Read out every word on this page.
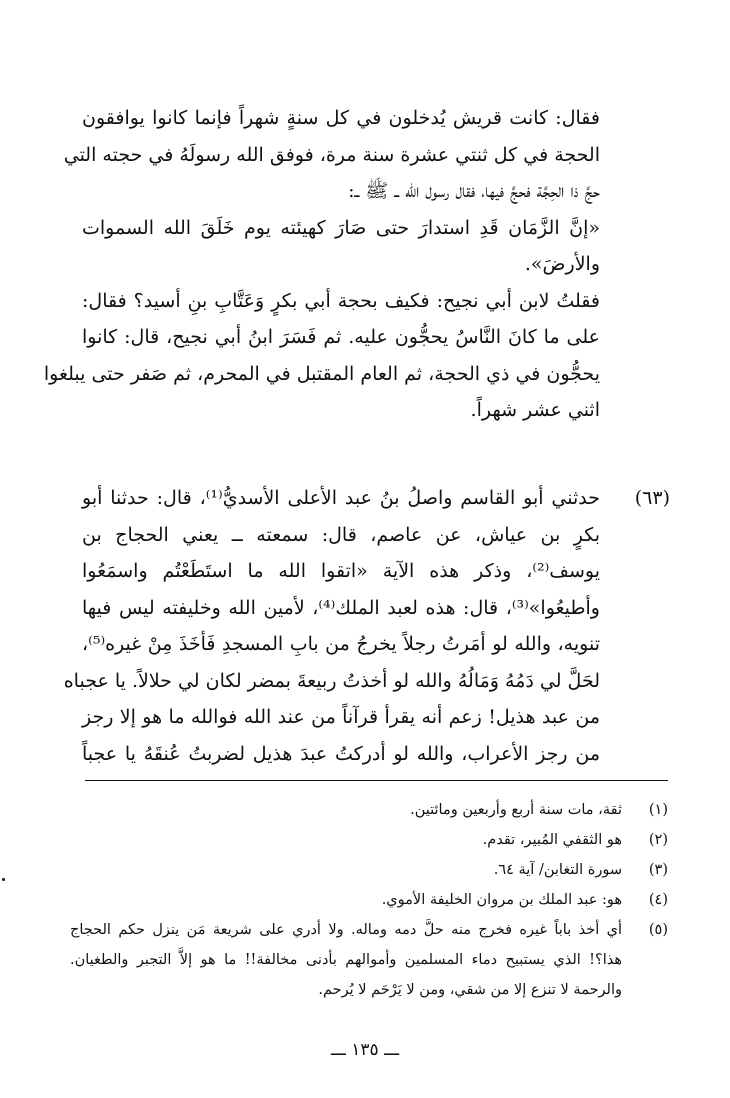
فقال: كانت قريش يُدخلون في كل سنةٍ شهراً فإنما كانوا يوافقون
الحجة في كل ثنتي عشرة سنة مرة، فوفق الله رسولَهُ في حجته التي
حجَّ ذا الحِجَّة فحجَّ فيها، فقال رسول الله ــ ﷺ ــ:
«إنَّ الزَّمَان قَدِ استدارَ حتى صَارَ كهيئته يوم خَلَقَ الله السموات
والأرضَ».
فقلتُ لابن أبي نجيح: فكيف بحجة أبي بكرٍ وَعَتَّابِ بنِ أسيد؟ فقال:
على ما كانَ النَّاسُ يحجُّون عليه. ثم فَسَرَ ابنُ أبي نجيح، قال: كانوا
يحجُّون في ذي الحجة، ثم العام المقتبل في المحرم، ثم صَفر حتى يبلغوا
اثني عشر شهراً.
(٦٣)
حدثني أبو القاسم واصلُ بنُ عبد الأعلى الأسديُّ⁽¹⁾، قال: حدثنا أبو
بكرٍ بن عياش، عن عاصم، قال: سمعته ــ يعني الحجاج بن
يوسف⁽²⁾، وذكر هذه الآية «اتقوا الله ما استَطَعْتُم واسمَعُوا
وأطيعُوا»⁽³⁾، قال: هذه لعبد الملك⁽⁴⁾، لأمين الله وخليفته ليس فيها
تنويه، والله لو أمَرتُ رجلاً يخرجُ من بابِ المسجدِ فَأخَذَ مِنْ غيره⁽⁵⁾،
لحَلَّ لي دَمُهُ وَمَالُهُ والله لو أخذتُ ربيعةَ بمضر لكان لي حلالاً. يا عجباه
من عبد هذيل! زعم أنه يقرأ قرآناً من عند الله فوالله ما هو إلا رجز
من رجز الأعراب، والله لو أدركتُ عبدَ هذيل لضربتُ عُنقَهُ يا عجباً
(١)
ثقة، مات سنة أربع وأربعين ومائتين.
(٢)
هو الثقفي المُبير، تقدم.
(٣)
سورة التغابن/ آية ٦٤.
(٤)
هو: عبد الملك بن مروان الخليفة الأموي.
(٥)
أي أخذ باباً غيره فخرج منه حلَّ دمه وماله. ولا أدري على شريعة مَن ينزل حكم الحجاج
هذا؟! الذي يستبيح دماء المسلمين وأموالهم بأدنى مخالفة!! ما هو إلاَّ التجبر والطغيان.
والرحمة لا تنزع إلا من شقي، ومن لا يَرْحَم لا يُرحم.
ـــ ١٣٥ ـــ
